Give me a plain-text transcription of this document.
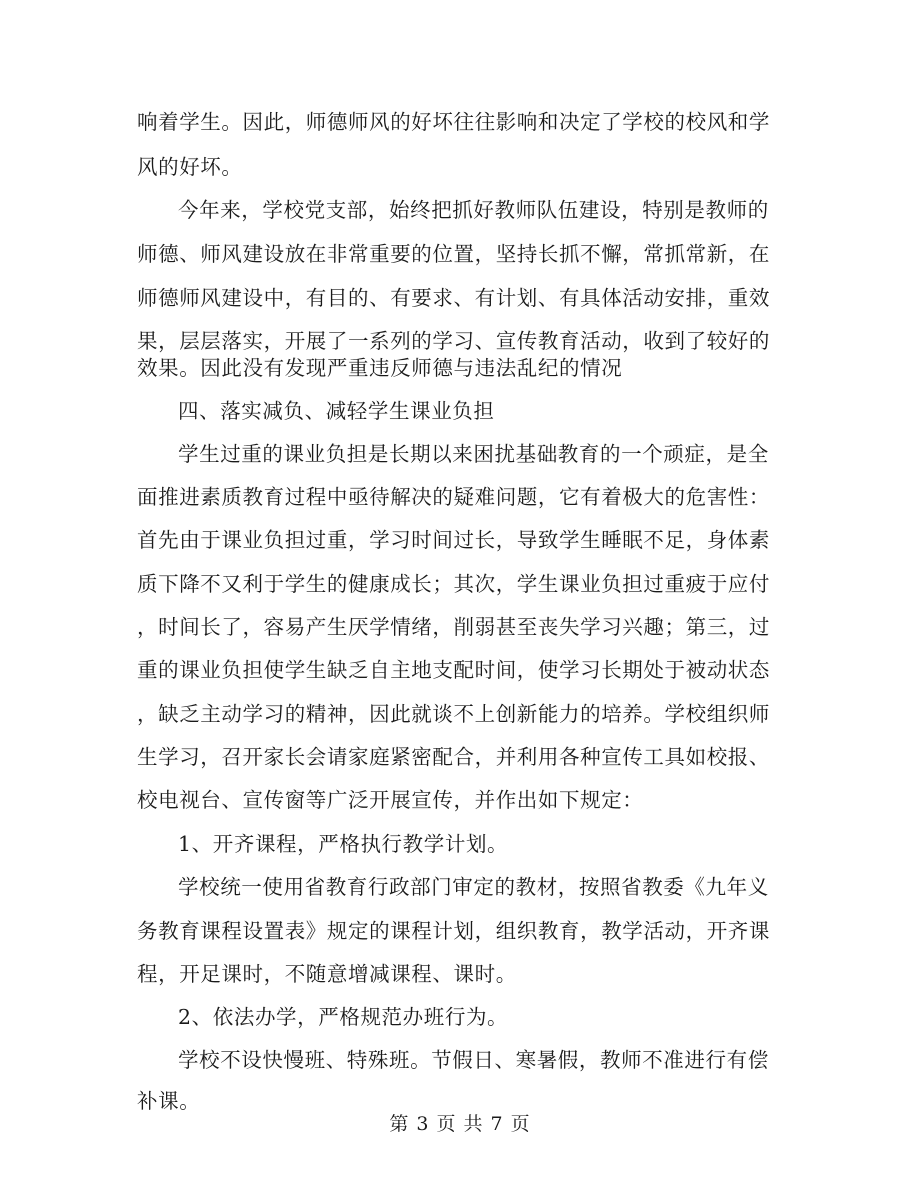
响着学生。因此，师德师风的好坏往往影响和决定了学校的校风和学
风的好坏。
今年来，学校党支部，始终把抓好教师队伍建设，特别是教师的
师德、师风建设放在非常重要的位置，坚持长抓不懈，常抓常新，在
师德师风建设中，有目的、有要求、有计划、有具体活动安排，重效
果，层层落实，开展了一系列的学习、宣传教育活动，收到了较好的
效果。因此没有发现严重违反师德与违法乱纪的情况
四、落实减负、减轻学生课业负担
学生过重的课业负担是长期以来困扰基础教育的一个顽症，是全
面推进素质教育过程中亟待解决的疑难问题，它有着极大的危害性：
首先由于课业负担过重，学习时间过长，导致学生睡眠不足，身体素
质下降不又利于学生的健康成长；其次，学生课业负担过重疲于应付
，时间长了，容易产生厌学情绪，削弱甚至丧失学习兴趣；第三，过
重的课业负担使学生缺乏自主地支配时间，使学习长期处于被动状态
，缺乏主动学习的精神，因此就谈不上创新能力的培养。学校组织师
生学习，召开家长会请家庭紧密配合，并利用各种宣传工具如校报、
校电视台、宣传窗等广泛开展宣传，并作出如下规定：
1、开齐课程，严格执行教学计划。
学校统一使用省教育行政部门审定的教材，按照省教委《九年义
务教育课程设置表》规定的课程计划，组织教育，教学活动，开齐课
程，开足课时，不随意增减课程、课时。
2、依法办学，严格规范办班行为。
学校不设快慢班、特殊班。节假日、寒暑假，教师不准进行有偿
补课。
第 3 页 共 7 页
